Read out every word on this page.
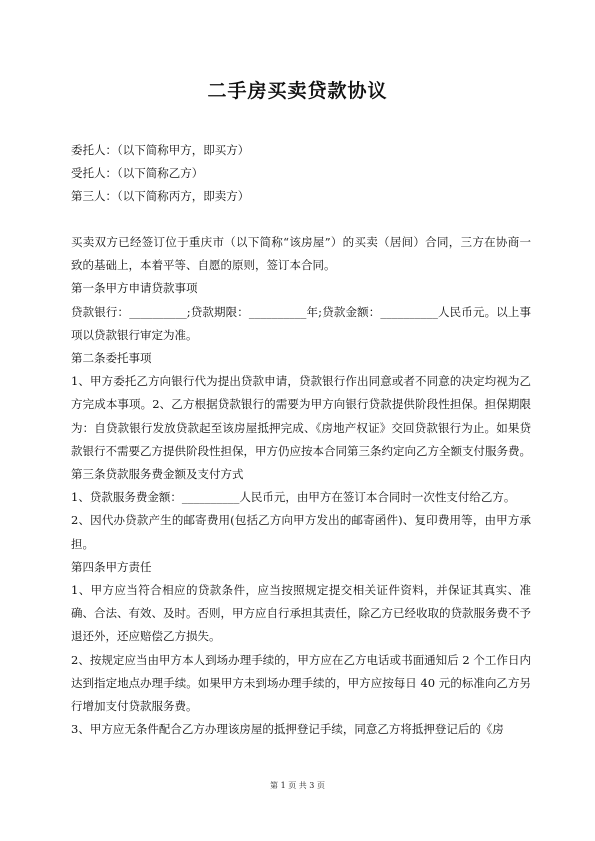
二手房买卖贷款协议
委托人：（以下简称甲方，即买方）
受托人：（以下简称乙方）
第三人：（以下简称丙方，即卖方）

买卖双方已经签订位于重庆市（以下简称“该房屋”）的买卖（居间）合同，三方在协商一致的基础上，本着平等、自愿的原则，签订本合同。

第一条甲方申请贷款事项

贷款银行：__________;贷款期限：__________年;贷款金额：__________人民币元。以上事项以贷款银行审定为准。

第二条委托事项

1、甲方委托乙方向银行代为提出贷款申请，贷款银行作出同意或者不同意的决定均视为乙方完成本事项。2、乙方根据贷款银行的需要为甲方向银行贷款提供阶段性担保。担保期限为：自贷款银行发放贷款起至该房屋抵押完成、《房地产权证》交回贷款银行为止。如果贷款银行不需要乙方提供阶段性担保，甲方仍应按本合同第三条约定向乙方全额支付服务费。

第三条贷款服务费金额及支付方式

1、贷款服务费金额：__________人民币元，由甲方在签订本合同时一次性支付给乙方。

2、因代办贷款产生的邮寄费用(包括乙方向甲方发出的邮寄函件)、复印费用等，由甲方承担。

第四条甲方责任

1、甲方应当符合相应的贷款条件，应当按照规定提交相关证件资料，并保证其真实、准确、合法、有效、及时。否则，甲方应自行承担其责任，除乙方已经收取的贷款服务费不予退还外，还应赔偿乙方损失。

2、按规定应当由甲方本人到场办理手续的，甲方应在乙方电话或书面通知后 2 个工作日内达到指定地点办理手续。如果甲方未到场办理手续的，甲方应按每日 40 元的标准向乙方另行增加支付贷款服务费。

3、甲方应无条件配合乙方办理该房屋的抵押登记手续，同意乙方将抵押登记后的《房

第 1 页 共 3 页
